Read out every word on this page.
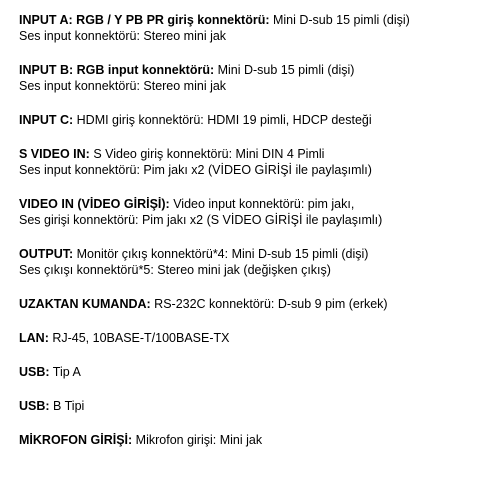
INPUT A: RGB / Y PB PR giriş konnektörü: Mini D-sub 15 pimli (dişi)
Ses input konnektörü: Stereo mini jak
INPUT B: RGB input konnektörü: Mini D-sub 15 pimli (dişi)
Ses input konnektörü: Stereo mini jak
INPUT C: HDMI giriş konnektörü: HDMI 19 pimli, HDCP desteği
S VIDEO IN: S Video giriş konnektörü: Mini DIN 4 Pimli
Ses input konnektörü: Pim jakı x2 (VİDEO GİRİŞİ ile paylaşımlı)
VIDEO IN (VİDEO GİRİŞİ): Video input konnektörü: pim jakı,
Ses girişi konnektörü: Pim jakı x2 (S VİDEO GİRİŞİ ile paylaşımlı)
OUTPUT: Monitör çıkış konnektörü*4: Mini D-sub 15 pimli (dişi)
Ses çıkışı konnektörü*5: Stereo mini jak (değişken çıkış)
UZAKTAN KUMANDA: RS-232C konnektörü: D-sub 9 pim (erkek)
LAN: RJ-45, 10BASE-T/100BASE-TX
USB: Tip A
USB: B Tipi
MİKROFON GİRİŞİ: Mikrofon girişi: Mini jak
